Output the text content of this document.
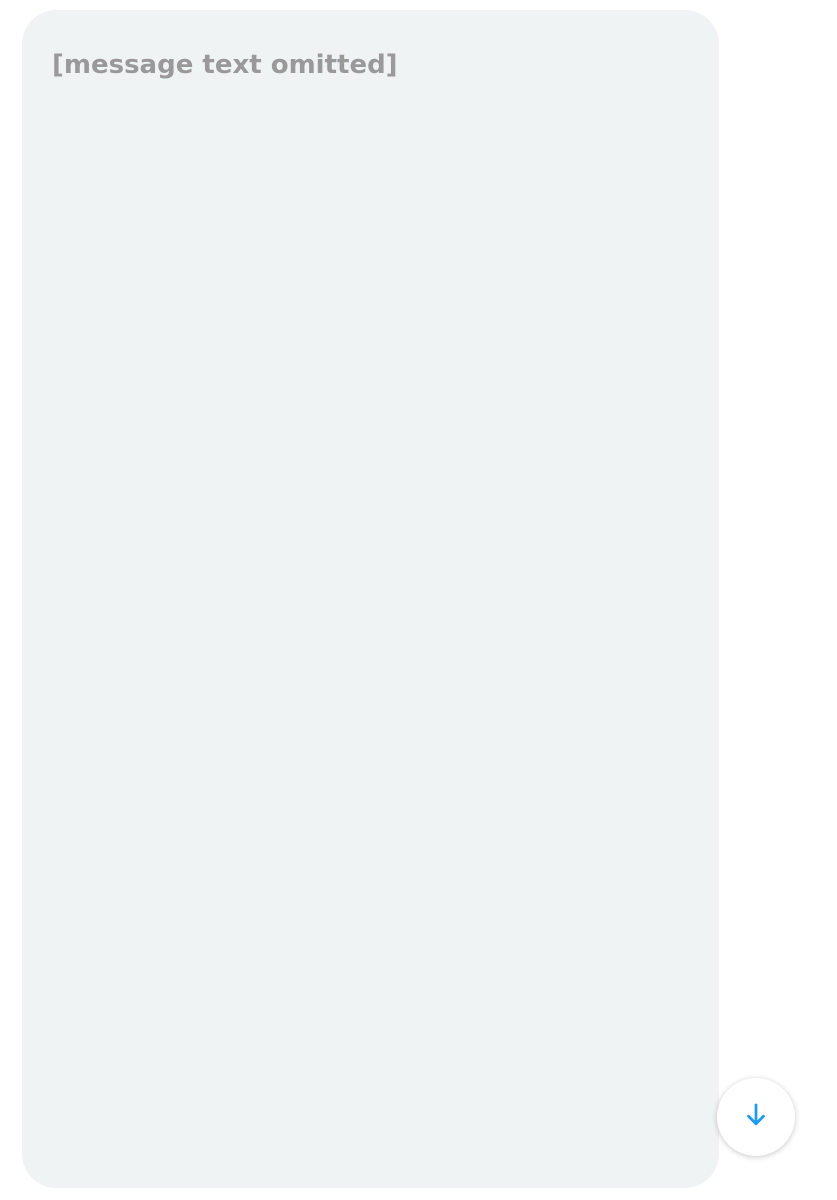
[message text omitted]
